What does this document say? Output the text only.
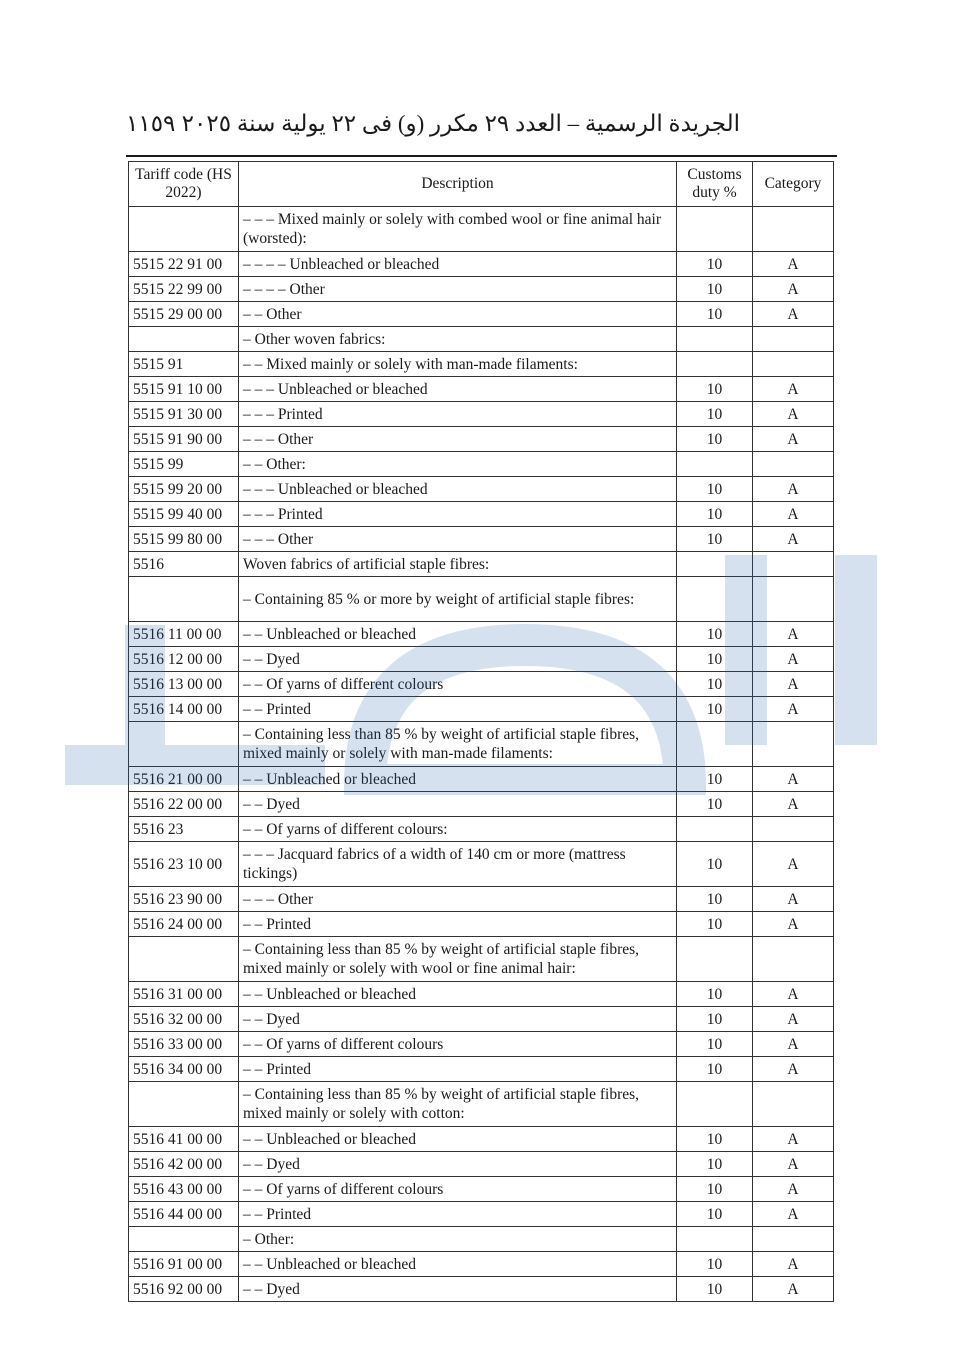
١١٥٩ الجريدة الرسمية – العدد ٢٩ مكرر (و) فى ٢٢ يولية سنة ٢٠٢٥
Tariff code (HS 2022)	Description	Customs duty %	Category
	– – – Mixed mainly or solely with combed wool or fine animal hair (worsted):		
5515 22 91 00	– – – – Unbleached or bleached	10	A
5515 22 99 00	– – – – Other	10	A
5515 29 00 00	– – Other	10	A
	– Other woven fabrics:		
5515 91	– – Mixed mainly or solely with man-made filaments:		
5515 91 10 00	– – – Unbleached or bleached	10	A
5515 91 30 00	– – – Printed	10	A
5515 91 90 00	– – – Other	10	A
5515 99	– – Other:		
5515 99 20 00	– – – Unbleached or bleached	10	A
5515 99 40 00	– – – Printed	10	A
5515 99 80 00	– – – Other	10	A
5516	Woven fabrics of artificial staple fibres:		
	– Containing 85 % or more by weight of artificial staple fibres:		
5516 11 00 00	– – Unbleached or bleached	10	A
5516 12 00 00	– – Dyed	10	A
5516 13 00 00	– – Of yarns of different colours	10	A
5516 14 00 00	– – Printed	10	A
	– Containing less than 85 % by weight of artificial staple fibres, mixed mainly or solely with man-made filaments:		
5516 21 00 00	– – Unbleached or bleached	10	A
5516 22 00 00	– – Dyed	10	A
5516 23	– – Of yarns of different colours:		
5516 23 10 00	– – – Jacquard fabrics of a width of 140 cm or more (mattress tickings)	10	A
5516 23 90 00	– – – Other	10	A
5516 24 00 00	– – Printed	10	A
	– Containing less than 85 % by weight of artificial staple fibres, mixed mainly or solely with wool or fine animal hair:		
5516 31 00 00	– – Unbleached or bleached	10	A
5516 32 00 00	– – Dyed	10	A
5516 33 00 00	– – Of yarns of different colours	10	A
5516 34 00 00	– – Printed	10	A
	– Containing less than 85 % by weight of artificial staple fibres, mixed mainly or solely with cotton:		
5516 41 00 00	– – Unbleached or bleached	10	A
5516 42 00 00	– – Dyed	10	A
5516 43 00 00	– – Of yarns of different colours	10	A
5516 44 00 00	– – Printed	10	A
	– Other:		
5516 91 00 00	– – Unbleached or bleached	10	A
5516 92 00 00	– – Dyed	10	A
